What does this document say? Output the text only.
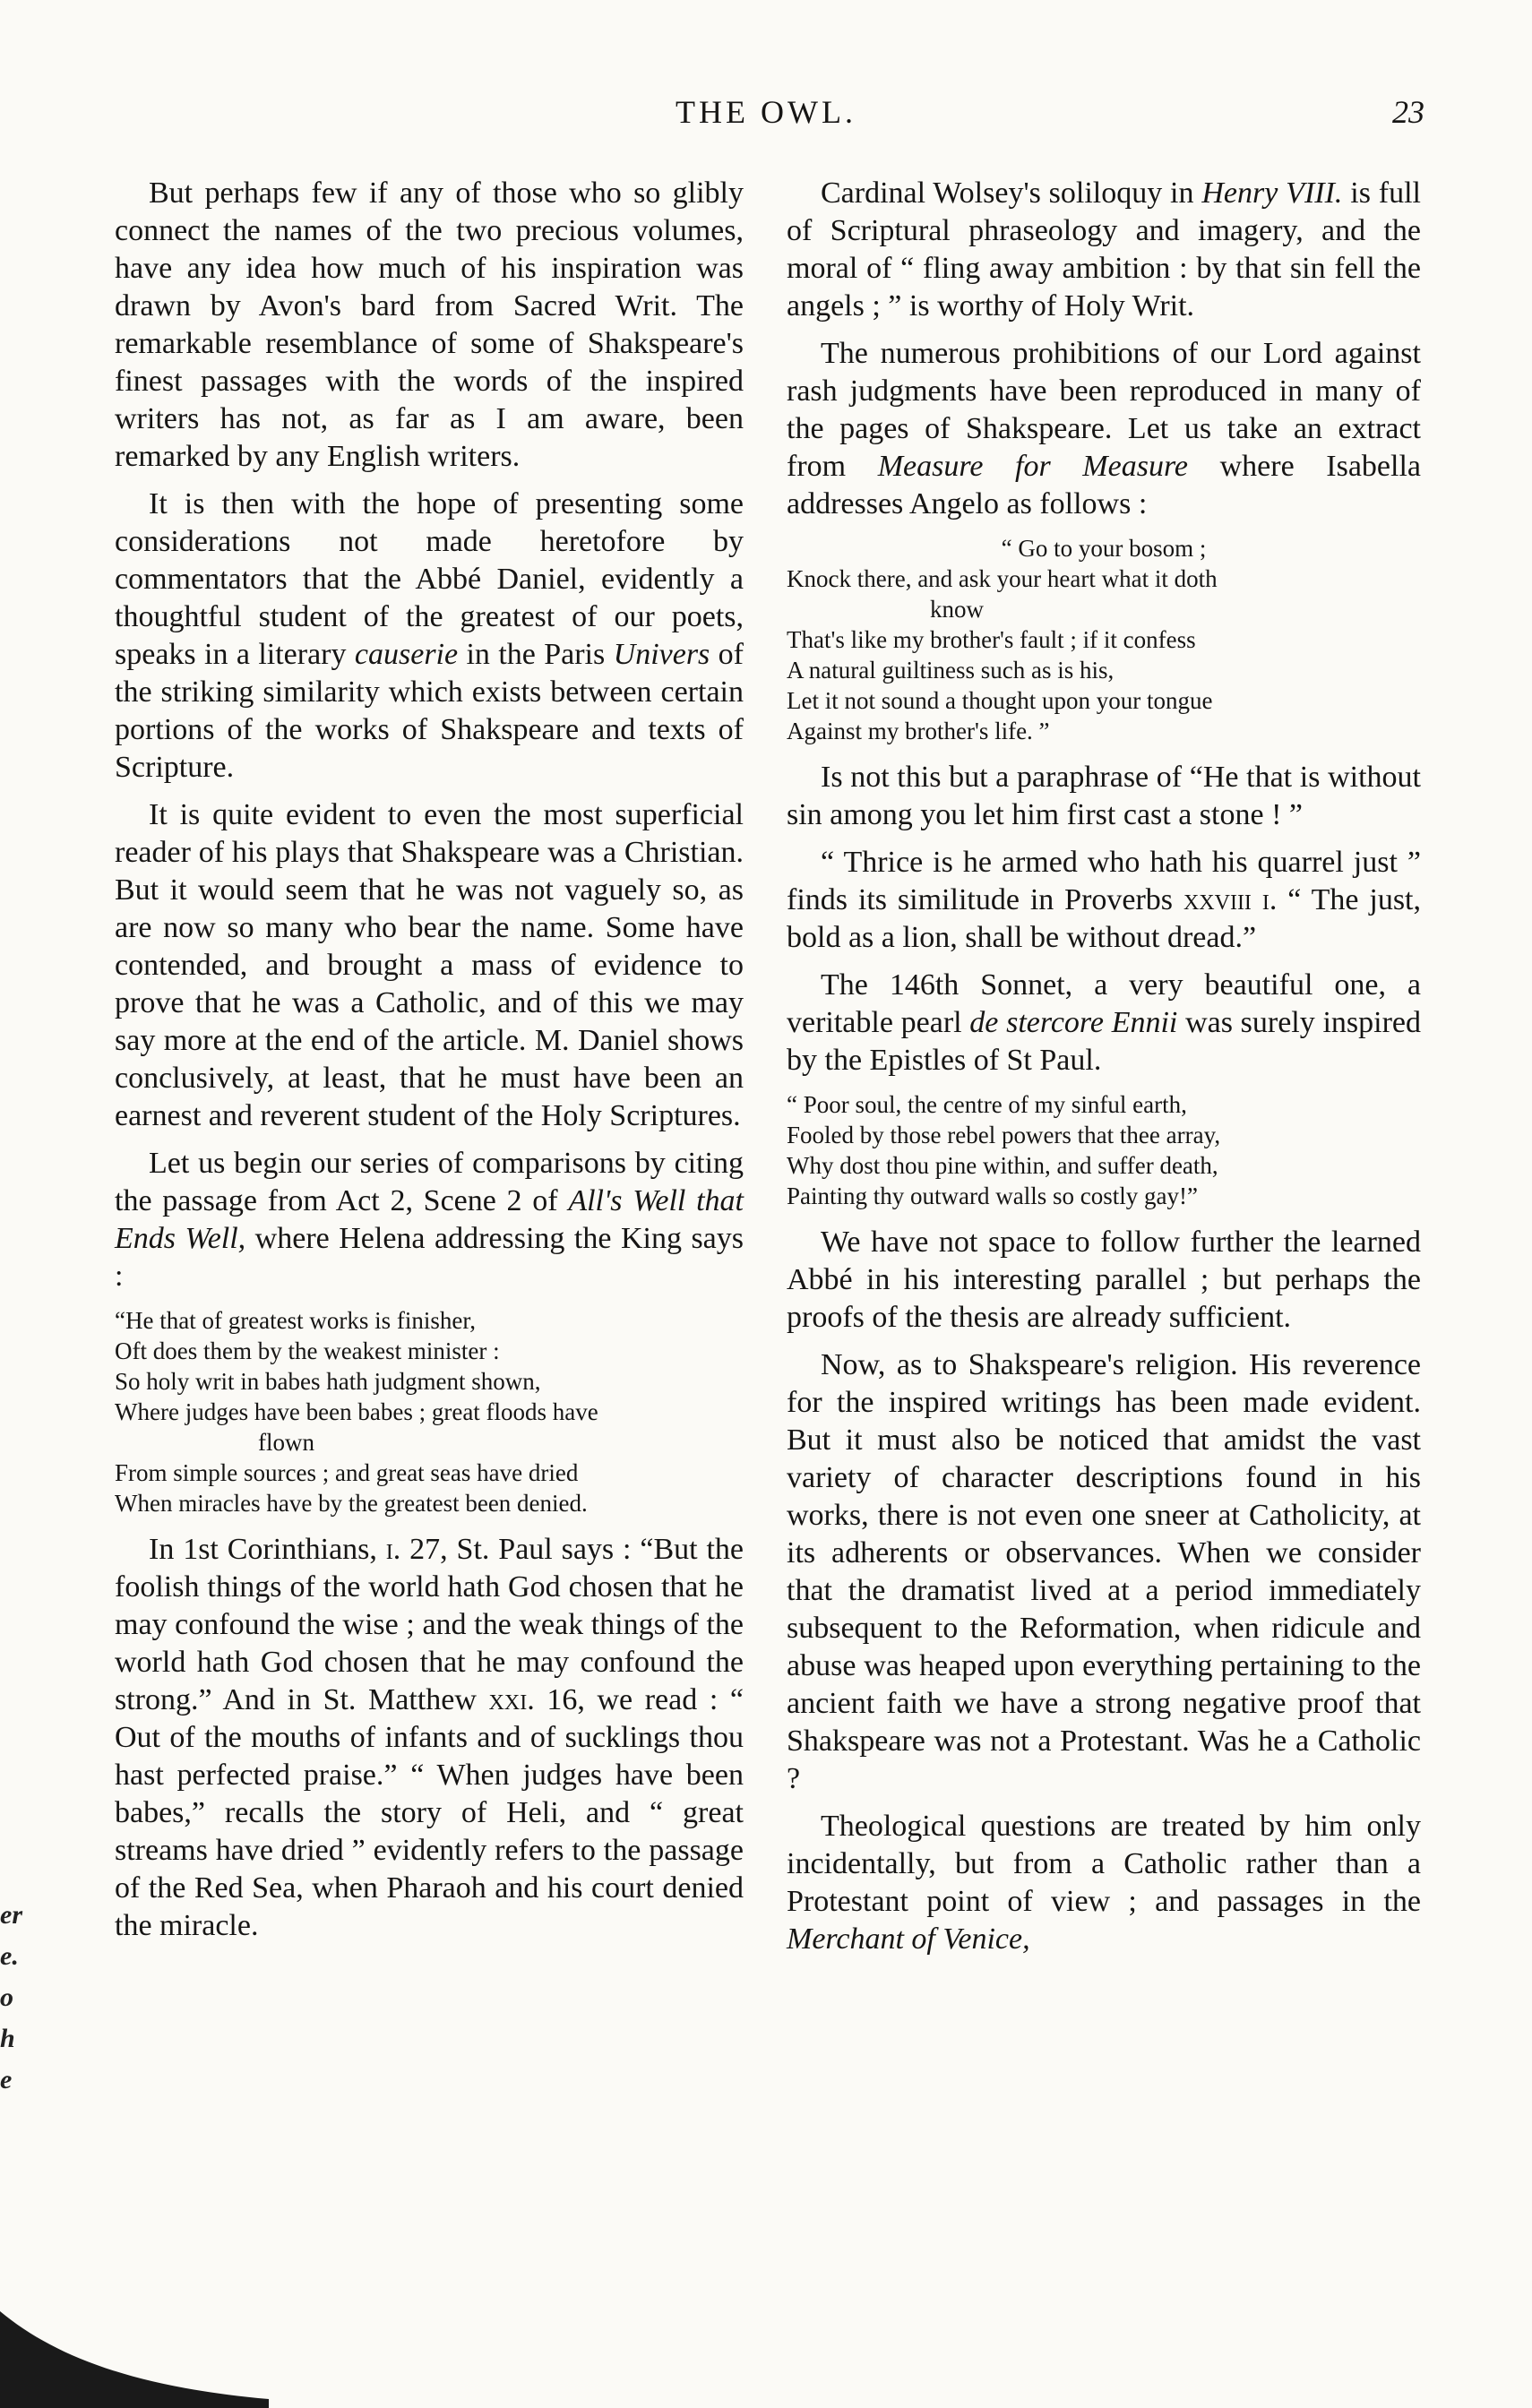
THE OWL.	23

But perhaps few if any of those who so glibly connect the names of the two precious volumes, have any idea how much of his inspiration was drawn by Avon's bard from Sacred Writ. The remarkable resemblance of some of Shakspeare's finest passages with the words of the inspired writers has not, as far as I am aware, been remarked by any English writers.

It is then with the hope of presenting some considerations not made heretofore by commentators that the Abbé Daniel, evidently a thoughtful student of the greatest of our poets, speaks in a literary causerie in the Paris Univers of the striking similarity which exists between certain portions of the works of Shakspeare and texts of Scripture.

It is quite evident to even the most superficial reader of his plays that Shakspeare was a Christian. But it would seem that he was not vaguely so, as are now so many who bear the name. Some have contended, and brought a mass of evidence to prove that he was a Catholic, and of this we may say more at the end of the article. M. Daniel shows conclusively, at least, that he must have been an earnest and reverent student of the Holy Scriptures.

Let us begin our series of comparisons by citing the passage from Act 2, Scene 2 of All's Well that Ends Well, where Helena addressing the King says :

“He that of greatest works is finisher,
Oft does them by the weakest minister :
So holy writ in babes hath judgment shown,
Where judges have been babes ; great floods have
flown
From simple sources ; and great seas have dried
When miracles have by the greatest been denied.

In 1st Corinthians, i. 27, St. Paul says : “But the foolish things of the world hath God chosen that he may confound the wise ; and the weak things of the world hath God chosen that he may confound the strong.” And in St. Matthew xxi. 16, we read : “ Out of the mouths of infants and of sucklings thou hast perfected praise.” “ When judges have been babes,” recalls the story of Heli, and “ great streams have dried ” evidently refers to the passage of the Red Sea, when Pharaoh and his court denied the miracle.

Cardinal Wolsey's soliloquy in Henry VIII. is full of Scriptural phraseology and imagery, and the moral of “ fling away ambition : by that sin fell the angels ; ” is worthy of Holy Writ.

The numerous prohibitions of our Lord against rash judgments have been reproduced in many of the pages of Shakspeare. Let us take an extract from Measure for Measure where Isabella addresses Angelo as follows :

“ Go to your bosom ;
Knock there, and ask your heart what it doth
know
That's like my brother's fault ; if it confess
A natural guiltiness such as is his,
Let it not sound a thought upon your tongue
Against my brother's life. ”

Is not this but a paraphrase of “He that is without sin among you let him first cast a stone ! ”

“ Thrice is he armed who hath his quarrel just ” finds its similitude in Proverbs xxviii i. “ The just, bold as a lion, shall be without dread.”

The 146th Sonnet, a very beautiful one, a veritable pearl de stercore Ennii was surely inspired by the Epistles of St Paul.

“ Poor soul, the centre of my sinful earth,
Fooled by those rebel powers that thee array,
Why dost thou pine within, and suffer death,
Painting thy outward walls so costly gay!”

We have not space to follow further the learned Abbé in his interesting parallel ; but perhaps the proofs of the thesis are already sufficient.

Now, as to Shakspeare's religion. His reverence for the inspired writings has been made evident. But it must also be noticed that amidst the vast variety of character descriptions found in his works, there is not even one sneer at Catholicity, at its adherents or observances. When we consider that the dramatist lived at a period immediately subsequent to the Reformation, when ridicule and abuse was heaped upon everything pertaining to the ancient faith we have a strong negative proof that Shakspeare was not a Protestant. Was he a Catholic ?

Theological questions are treated by him only incidentally, but from a Catholic rather than a Protestant point of view ; and passages in the Merchant of Venice,

er
e.
o
h
e
